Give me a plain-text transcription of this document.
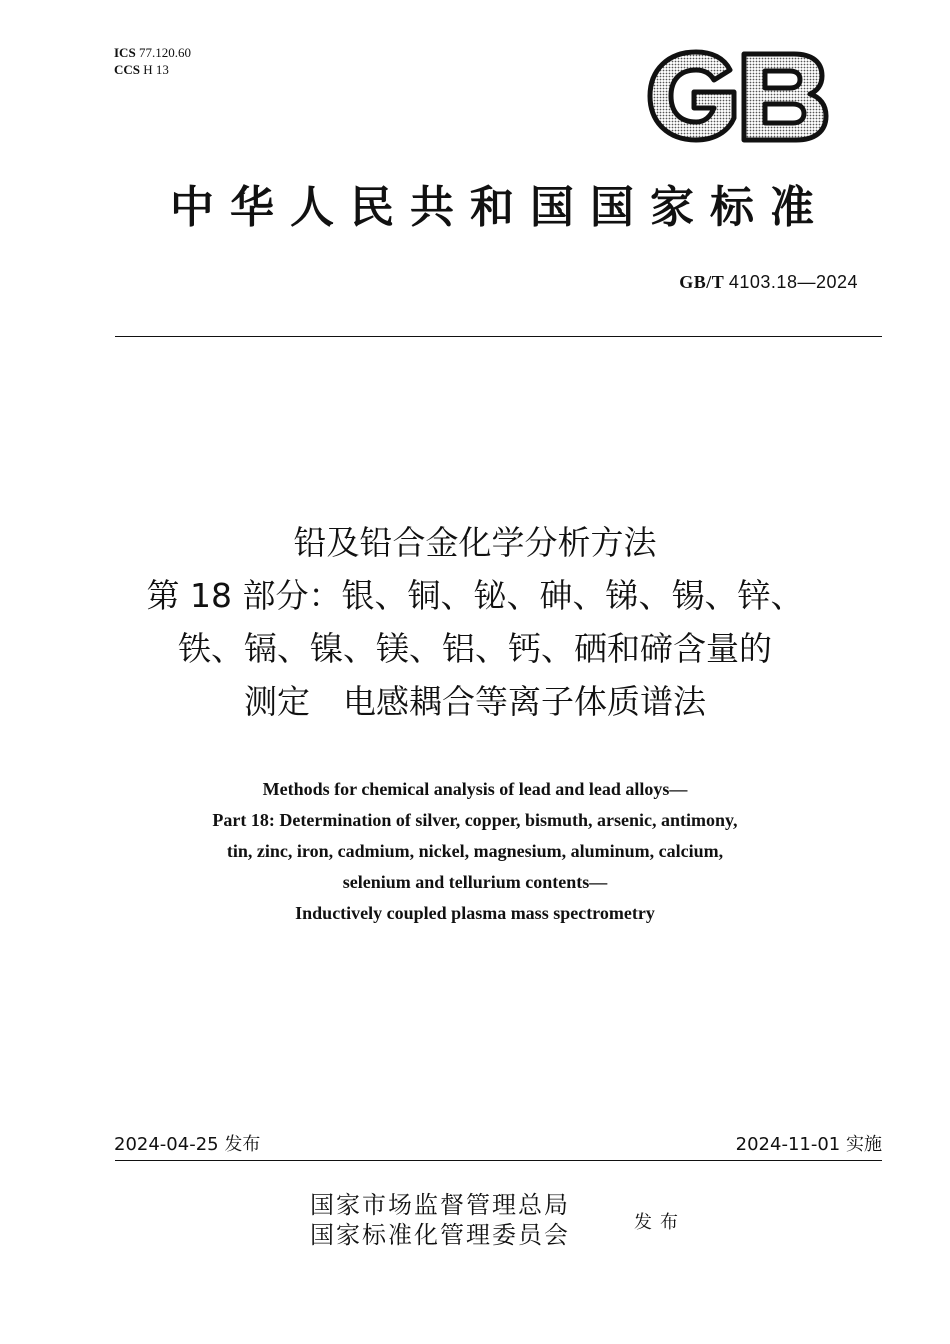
ICS 77.120.60
CCS H 13
中华人民共和国国家标准
GB/T 4103.18—2024
铅及铅合金化学分析方法
第 18 部分：银、铜、铋、砷、锑、锡、锌、
铁、镉、镍、镁、铝、钙、硒和碲含量的
测定　电感耦合等离子体质谱法
Methods for chemical analysis of lead and lead alloys—
Part 18: Determination of silver, copper, bismuth, arsenic, antimony,
tin, zinc, iron, cadmium, nickel, magnesium, aluminum, calcium,
selenium and tellurium contents—
Inductively coupled plasma mass spectrometry
2024-04-25 发布	2024-11-01 实施
国家市场监督管理总局
国家标准化管理委员会	发布
